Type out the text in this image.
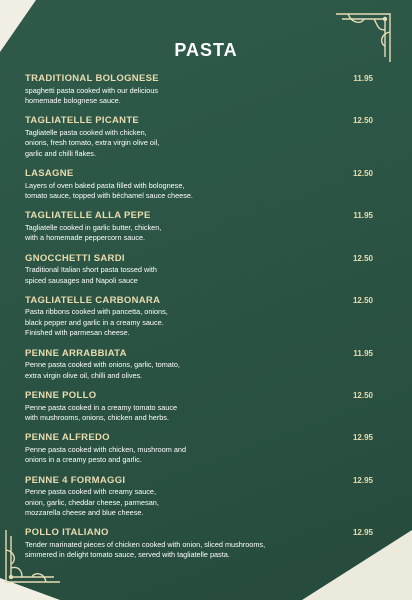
PASTA
TRADITIONAL BOLOGNESE	11.95
spaghetti pasta cooked with our delicious
homemade bolognese sauce.
TAGLIATELLE PICANTE	12.50
Tagliatelle pasta cooked with chicken,
onions, fresh tomato, extra virgin olive oil,
garlic and chilli flakes.
LASAGNE	12.50
Layers of oven baked pasta filled with bolognese,
tomato sauce, topped with béchamel sauce cheese.
TAGLIATELLE ALLA PEPE	11.95
Tagliatelle cooked in garlic butter, chicken,
with a homemade peppercorn sauce.
GNOCCHETTI SARDI	12.50
Traditional Italian short pasta tossed with
spiced sausages and Napoli sauce
TAGLIATELLE CARBONARA	12.50
Pasta ribbons cooked with pancetta, onions,
black pepper and garlic in a creamy sauce.
Finished with parmesan cheese.
PENNE ARRABBIATA	11.95
Penne pasta cooked with onions, garlic, tomato,
extra virgin olive oil, chilli and olives.
PENNE POLLO	12.50
Penne pasta cooked in a creamy tomato sauce
with mushrooms, onions, chicken and herbs.
PENNE ALFREDO	12.95
Penne pasta cooked with chicken, mushroom and
onions in a creamy pesto and garlic.
PENNE 4 FORMAGGI	12.95
Penne pasta cooked with creamy sauce,
onion, garlic, cheddar cheese, parmesan,
mozzarella cheese and blue cheese.
POLLO ITALIANO	12.95
Tender marinated pieces of chicken cooked with onion, sliced mushrooms,
simmered in delight tomato sauce, served with tagliatelle pasta.
